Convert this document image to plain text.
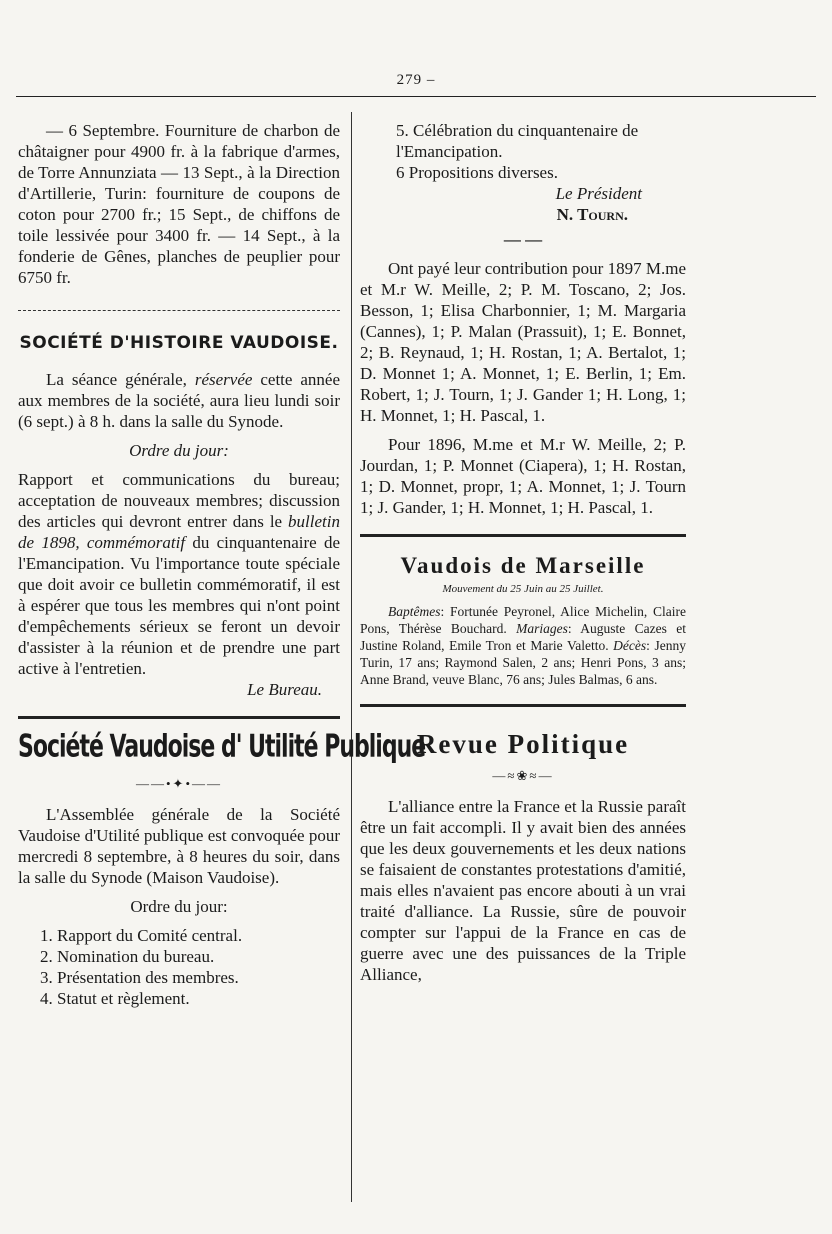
279 –

— 6 Septembre. Fourniture de charbon de châtaigner pour 4900 fr. à la fabrique d'armes, de Torre Annunziata — 13 Sept., à la Direction d'Artillerie, Turin: fourniture de coupons de coton pour 2700 fr.; 15 Sept., de chiffons de toile lessivée pour 3400 fr. — 14 Sept., à la fonderie de Gênes, planches de peuplier pour 6750 fr.

SOCIÉTÉ D'HISTOIRE VAUDOISE.

La séance générale, réservée cette année aux membres de la société, aura lieu lundi soir (6 sept.) à 8 h. dans la salle du Synode.

Ordre du jour:

Rapport et communications du bureau; acceptation de nouveaux membres; discussion des articles qui devront entrer dans le bulletin de 1898, commémoratif du cinquantenaire de l'Emancipation. Vu l'importance toute spéciale que doit avoir ce bulletin commémoratif, il est à espérer que tous les membres qui n'ont point d'empêchements sérieux se feront un devoir d'assister à la réunion et de prendre une part active à l'entretien.

Le Bureau.

Société Vaudoise d' Utilité Publique
——•✦•——

L'Assemblée générale de la Société Vaudoise d'Utilité publique est convoquée pour mercredi 8 septembre, à 8 heures du soir, dans la salle du Synode (Maison Vaudoise).

Ordre du jour:

1. Rapport du Comité central.

2. Nomination du bureau.

3. Présentation des membres.

4. Statut et règlement.

5. Célébration du cinquantenaire de l'Emancipation.

6 Propositions diverses.

Le Président

N. Tourn.

— —

Ont payé leur contribution pour 1897 M.me et M.r W. Meille, 2; P. M. Toscano, 2; Jos. Besson, 1; Elisa Charbonnier, 1; M. Margaria (Cannes), 1; P. Malan (Prassuit), 1; E. Bonnet, 2; B. Reynaud, 1; H. Rostan, 1; A. Bertalot, 1; D. Monnet 1; A. Monnet, 1; E. Berlin, 1; Em. Robert, 1; J. Tourn, 1; J. Gander 1; H. Long, 1; H. Monnet, 1; H. Pascal, 1.

Pour 1896, M.me et M.r W. Meille, 2; P. Jourdan, 1; P. Monnet (Ciapera), 1; H. Rostan, 1; D. Monnet, propr, 1; A. Monnet, 1; J. Tourn 1; J. Gander, 1; H. Monnet, 1; H. Pascal, 1.

Vaudois de Marseille
Mouvement du 25 Juin au 25 Juillet.

Baptêmes: Fortunée Peyronel, Alice Michelin, Claire Pons, Thérèse Bouchard. Mariages: Auguste Cazes et Justine Roland, Emile Tron et Marie Valetto. Décès: Jenny Turin, 17 ans; Raymond Salen, 2 ans; Henri Pons, 3 ans; Anne Brand, veuve Blanc, 76 ans; Jules Balmas, 6 ans.

Revue Politique
—≈❀≈—

L'alliance entre la France et la Russie paraît être un fait accompli. Il y avait bien des années que les deux gouvernements et les deux nations se faisaient de constantes protestations d'amitié, mais elles n'avaient pas encore abouti à un vrai traité d'alliance. La Russie, sûre de pouvoir compter sur l'appui de la France en cas de guerre avec une des puissances de la Triple Alliance,
